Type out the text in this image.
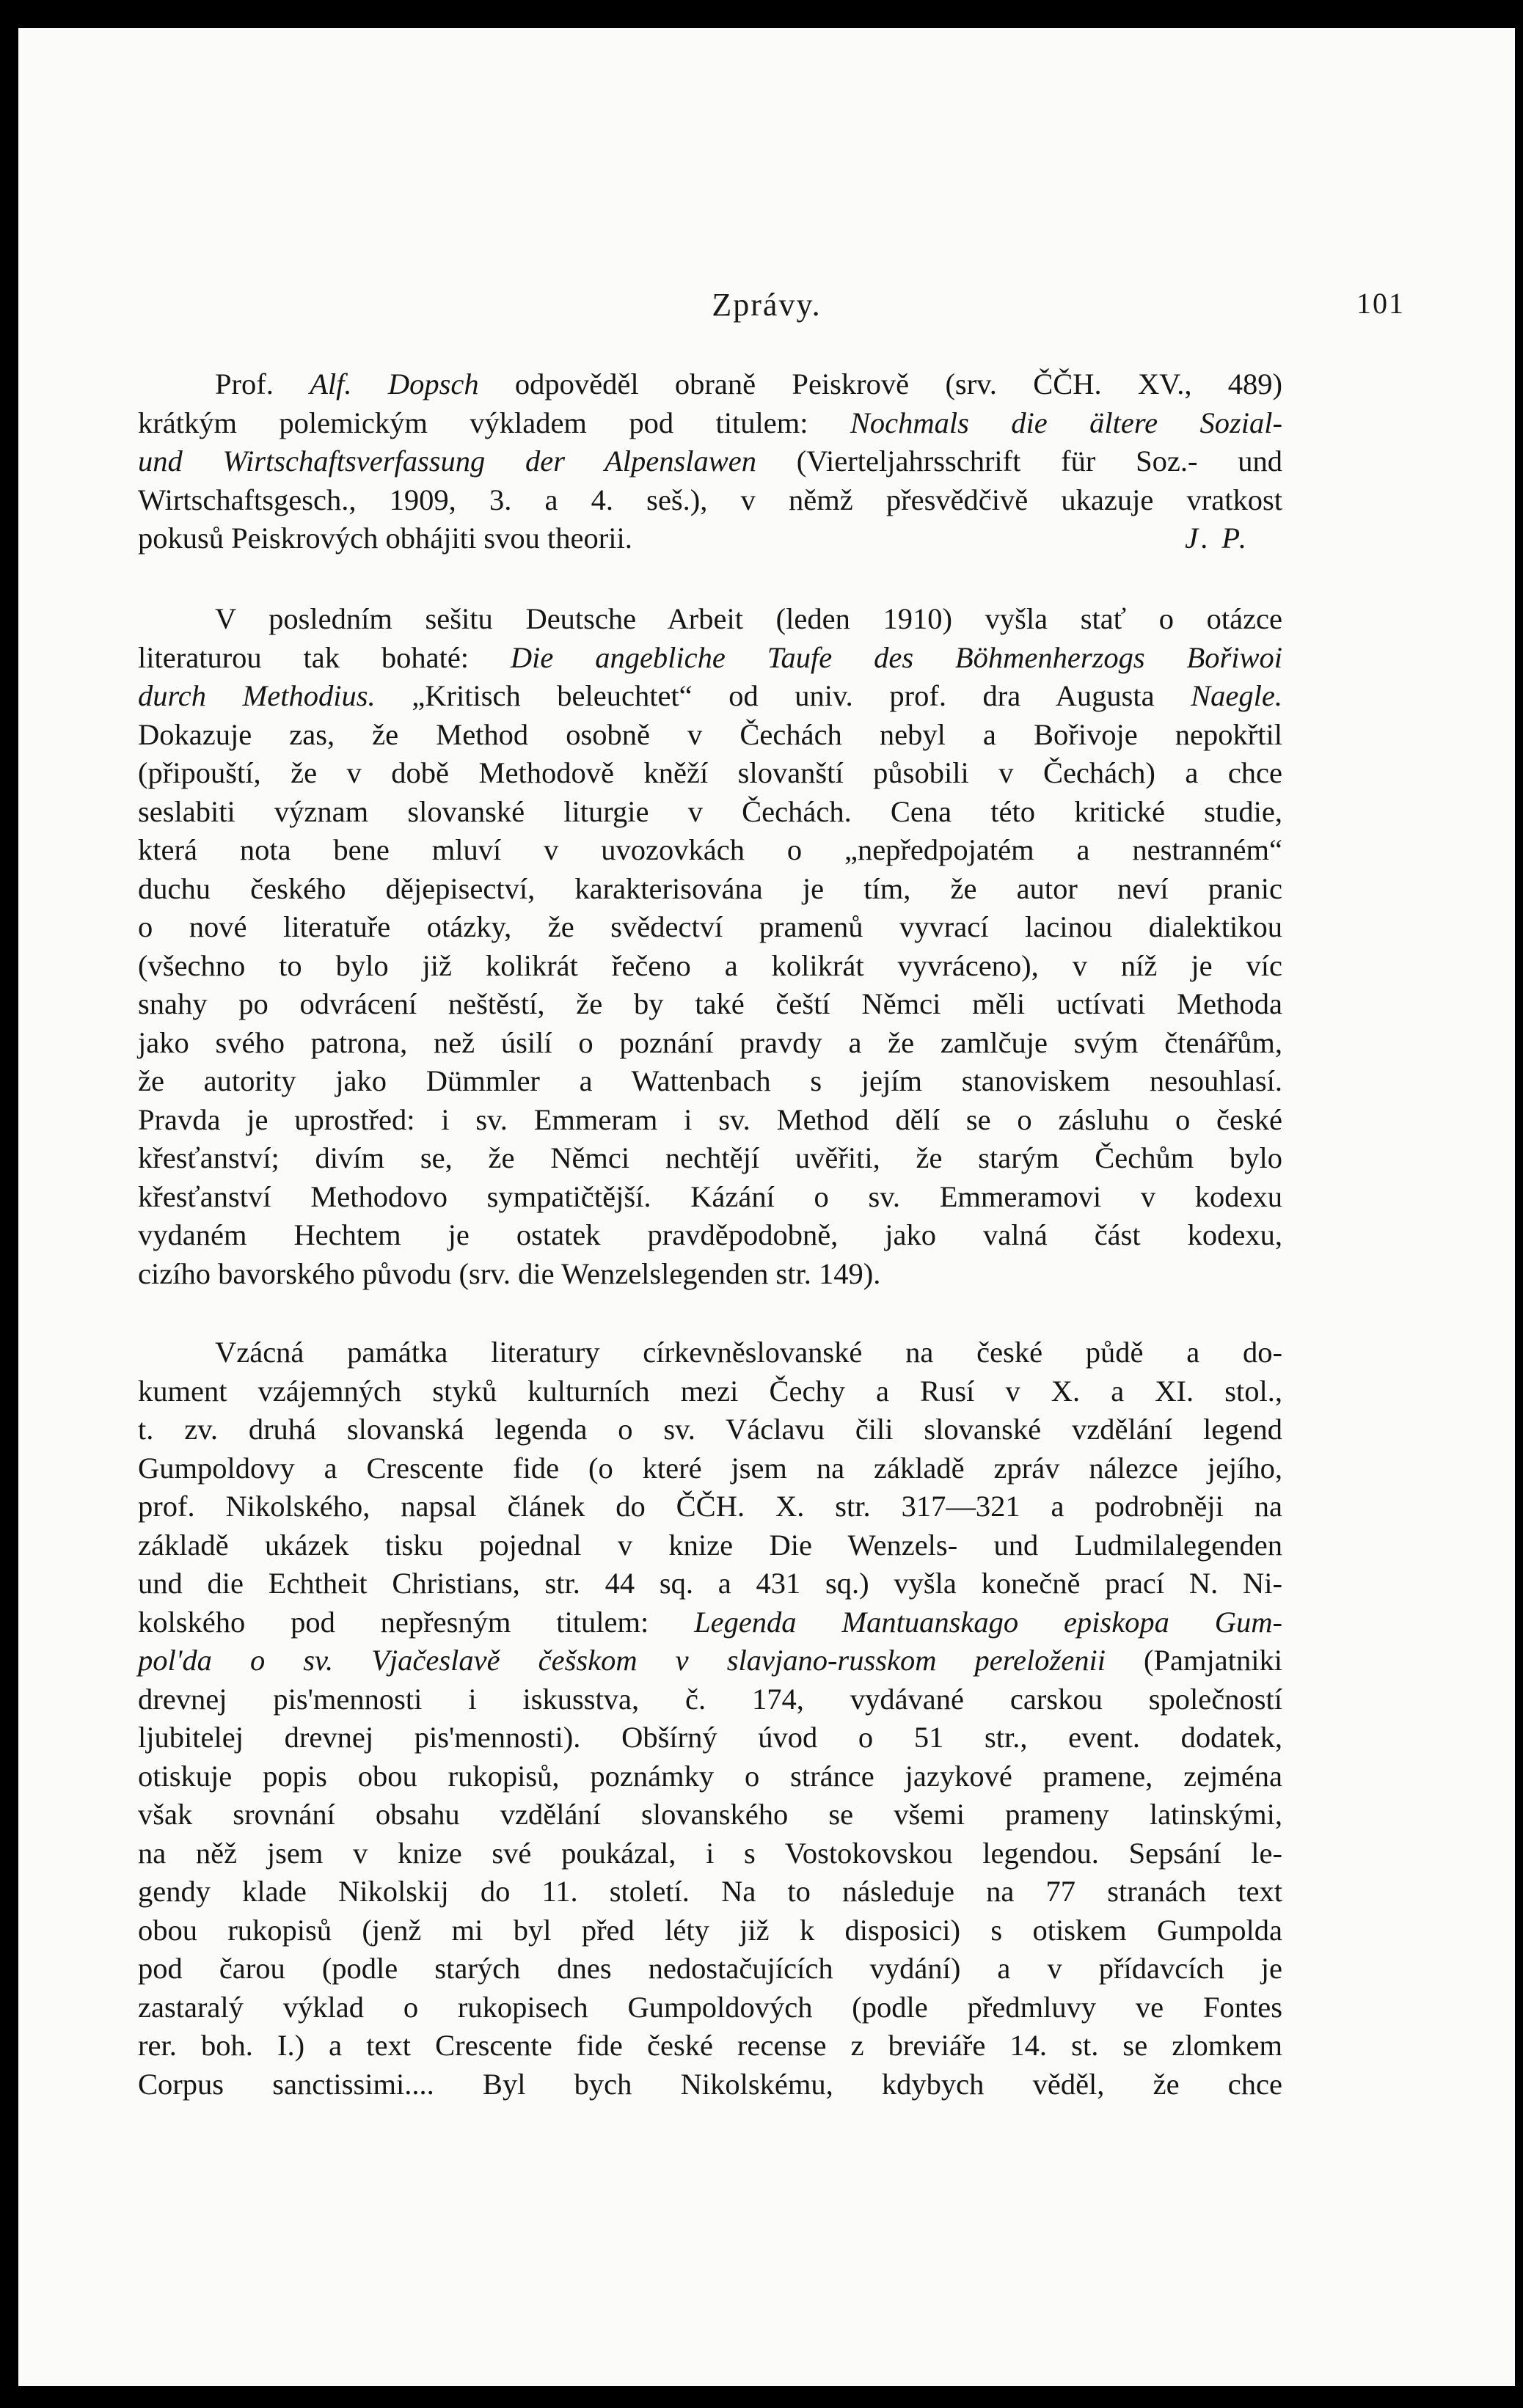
Zprávy.	101

Prof. Alf. Dopsch odpověděl obraně Peiskrově (srv. ČČH. XV., 489)
krátkým polemickým výkladem pod titulem: Nochmals die ältere Sozial-
und Wirtschaftsverfassung der Alpenslawen (Vierteljahrsschrift für Soz.- und
Wirtschaftsgesch., 1909, 3. a 4. seš.), v němž přesvědčivě ukazuje vratkost
pokusů Peiskrových obhájiti svou theorii.	J. P.

V posledním sešitu Deutsche Arbeit (leden 1910) vyšla stať o otázce
literaturou tak bohaté: Die angebliche Taufe des Böhmenherzogs Bořiwoi
durch Methodius. „Kritisch beleuchtet“ od univ. prof. dra Augusta Naegle.
Dokazuje zas, že Method osobně v Čechách nebyl a Bořivoje nepokřtil
(připouští, že v době Methodově kněží slovanští působili v Čechách) a chce
seslabiti význam slovanské liturgie v Čechách. Cena této kritické studie,
která nota bene mluví v uvozovkách o „nepředpojatém a nestranném“
duchu českého dějepisectví, karakterisována je tím, že autor neví pranic
o nové literatuře otázky, že svědectví pramenů vyvrací lacinou dialektikou
(všechno to bylo již kolikrát řečeno a kolikrát vyvráceno), v níž je víc
snahy po odvrácení neštěstí, že by také čeští Němci měli uctívati Methoda
jako svého patrona, než úsilí o poznání pravdy a že zamlčuje svým čtenářům,
že autority jako Dümmler a Wattenbach s jejím stanoviskem nesouhlasí.
Pravda je uprostřed: i sv. Emmeram i sv. Method dělí se o zásluhu o české
křesťanství; divím se, že Němci nechtějí uvěřiti, že starým Čechům bylo
křesťanství Methodovo sympatičtější. Kázání o sv. Emmeramovi v kodexu
vydaném Hechtem je ostatek pravděpodobně, jako valná část kodexu,
cizího bavorského původu (srv. die Wenzelslegenden str. 149).

Vzácná památka literatury církevněslovanské na české půdě a do-
kument vzájemných styků kulturních mezi Čechy a Rusí v X. a XI. stol.,
t. zv. druhá slovanská legenda o sv. Václavu čili slovanské vzdělání legend
Gumpoldovy a Crescente fide (o které jsem na základě zpráv nálezce jejího,
prof. Nikolského, napsal článek do ČČH. X. str. 317—321 a podrobněji na
základě ukázek tisku pojednal v knize Die Wenzels- und Ludmilalegenden
und die Echtheit Christians, str. 44 sq. a 431 sq.) vyšla konečně prací N. Ni-
kolského pod nepřesným titulem: Legenda Mantuanskago episkopa Gum-
pol'da o sv. Vjačeslavě češskom v slavjano-russkom pereloženii (Pamjatniki
drevnej pis'mennosti i iskusstva, č. 174, vydávané carskou společností
ljubitelej drevnej pis'mennosti). Obšírný úvod o 51 str., event. dodatek,
otiskuje popis obou rukopisů, poznámky o stránce jazykové pramene, zejména
však srovnání obsahu vzdělání slovanského se všemi prameny latinskými,
na něž jsem v knize své poukázal, i s Vostokovskou legendou. Sepsání le-
gendy klade Nikolskij do 11. století. Na to následuje na 77 stranách text
obou rukopisů (jenž mi byl před léty již k disposici) s otiskem Gumpolda
pod čarou (podle starých dnes nedostačujících vydání) a v přídavcích je
zastaralý výklad o rukopisech Gumpoldových (podle předmluvy ve Fontes
rer. boh. I.) a text Crescente fide české recense z breviáře 14. st. se zlomkem
Corpus sanctissimi.... Byl bych Nikolskému, kdybych věděl, že chce
